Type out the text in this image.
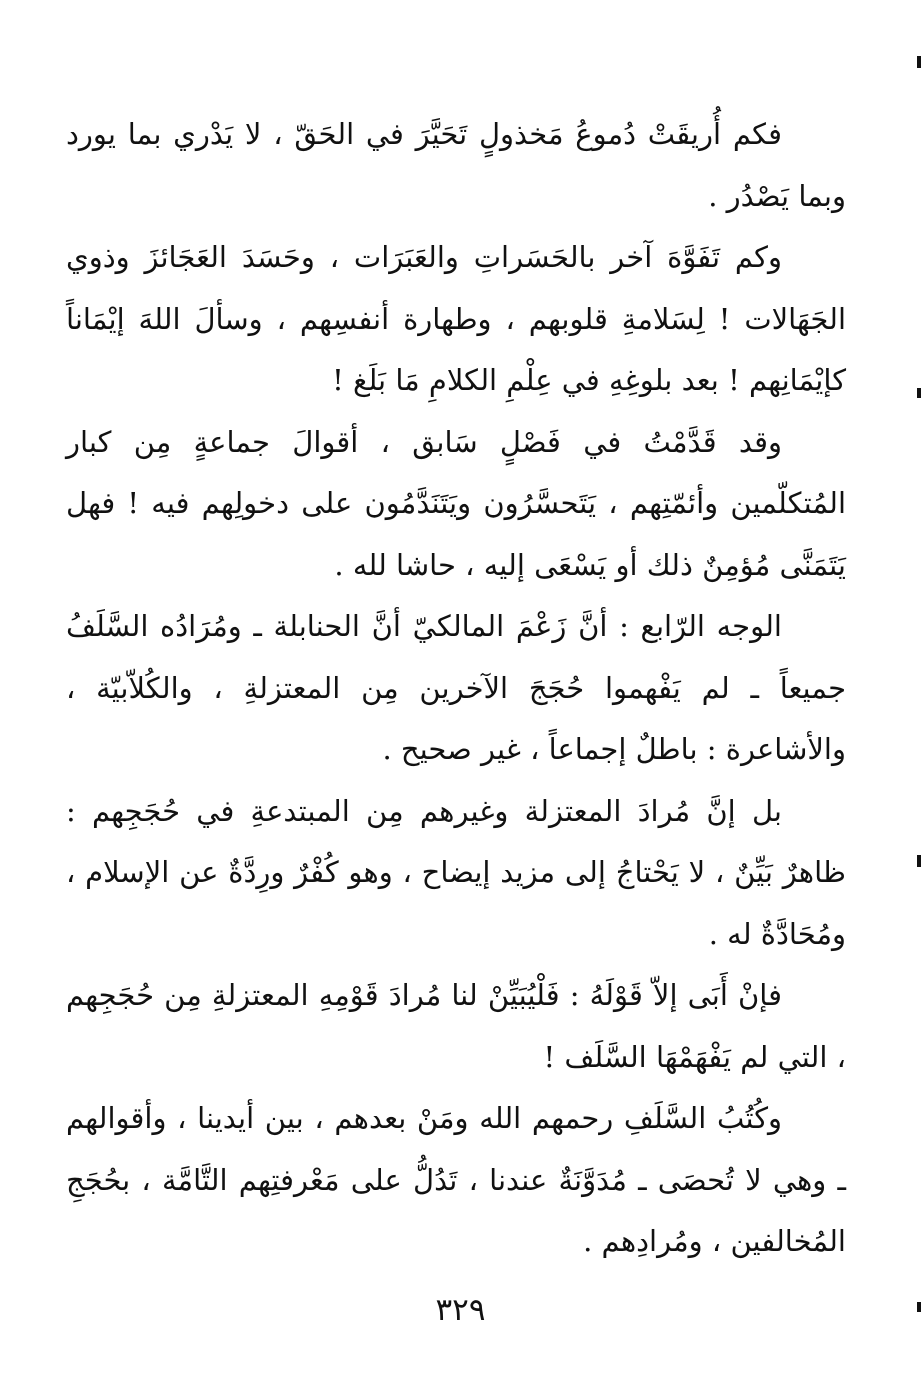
فكم أُريقَتْ دُموعُ مَخذولٍ تَحَيَّرَ في الحَقّ ، لا يَدْري بما يورد وبما يَصْدُر .

وكم تَفَوَّهَ آخر بالحَسَراتِ والعَبَرَات ، وحَسَدَ العَجَائزَ وذوي الجَهَالات ! لِسَلامةِ قلوبهم ، وطهارة أنفسِهم ، وسألَ اللهَ إيْمَاناً كإيْمَانِهم ! بعد بلوغِهِ في عِلْمِ الكلامِ مَا بَلَغ !

وقد قَدَّمْتُ في فَصْلٍ سَابق ، أقوالَ جماعةٍ مِن كبار المُتكلّمين وأئمّتِهم ، يَتَحسَّرُون ويَتَنَدَّمُون على دخولِهم فيه ! فهل يَتَمَنَّى مُؤمِنٌ ذلك أو يَسْعَى إليه ، حاشا لله .

الوجه الرّابع : أنَّ زَعْمَ المالكيّ أنَّ الحنابلة ـ ومُرَادُه السَّلَفُ جميعاً ـ لم يَفْهموا حُجَجَ الآخرين مِن المعتزلةِ ، والكُلاّبيّة ، والأشاعرة : باطلٌ إجماعاً ، غير صحيح .

بل إنَّ مُرادَ المعتزلة وغيرهم مِن المبتدعةِ في حُجَجِهم : ظاهرٌ بَيِّنٌ ، لا يَحْتاجُ إلى مزيد إيضاح ، وهو كُفْرٌ ورِدَّةٌ عن الإسلام ، ومُحَادَّةٌ له .

فإنْ أَبَى إلاّ قَوْلَهُ : فَلْيُبَيِّنْ لنا مُرادَ قَوْمِهِ المعتزلةِ مِن حُجَجِهم ، التي لم يَفْهَمْهَا السَّلَف !

وكُتُبُ السَّلَفِ رحمهم الله ومَنْ بعدهم ، بين أيدينا ، وأقوالهم ـ وهي لا تُحصَى ـ مُدَوَّنَةٌ عندنا ، تَدُلُّ على مَعْرفتِهم التَّامَّة ، بحُجَجِ المُخالفين ، ومُرادِهم .

٣٢٩
